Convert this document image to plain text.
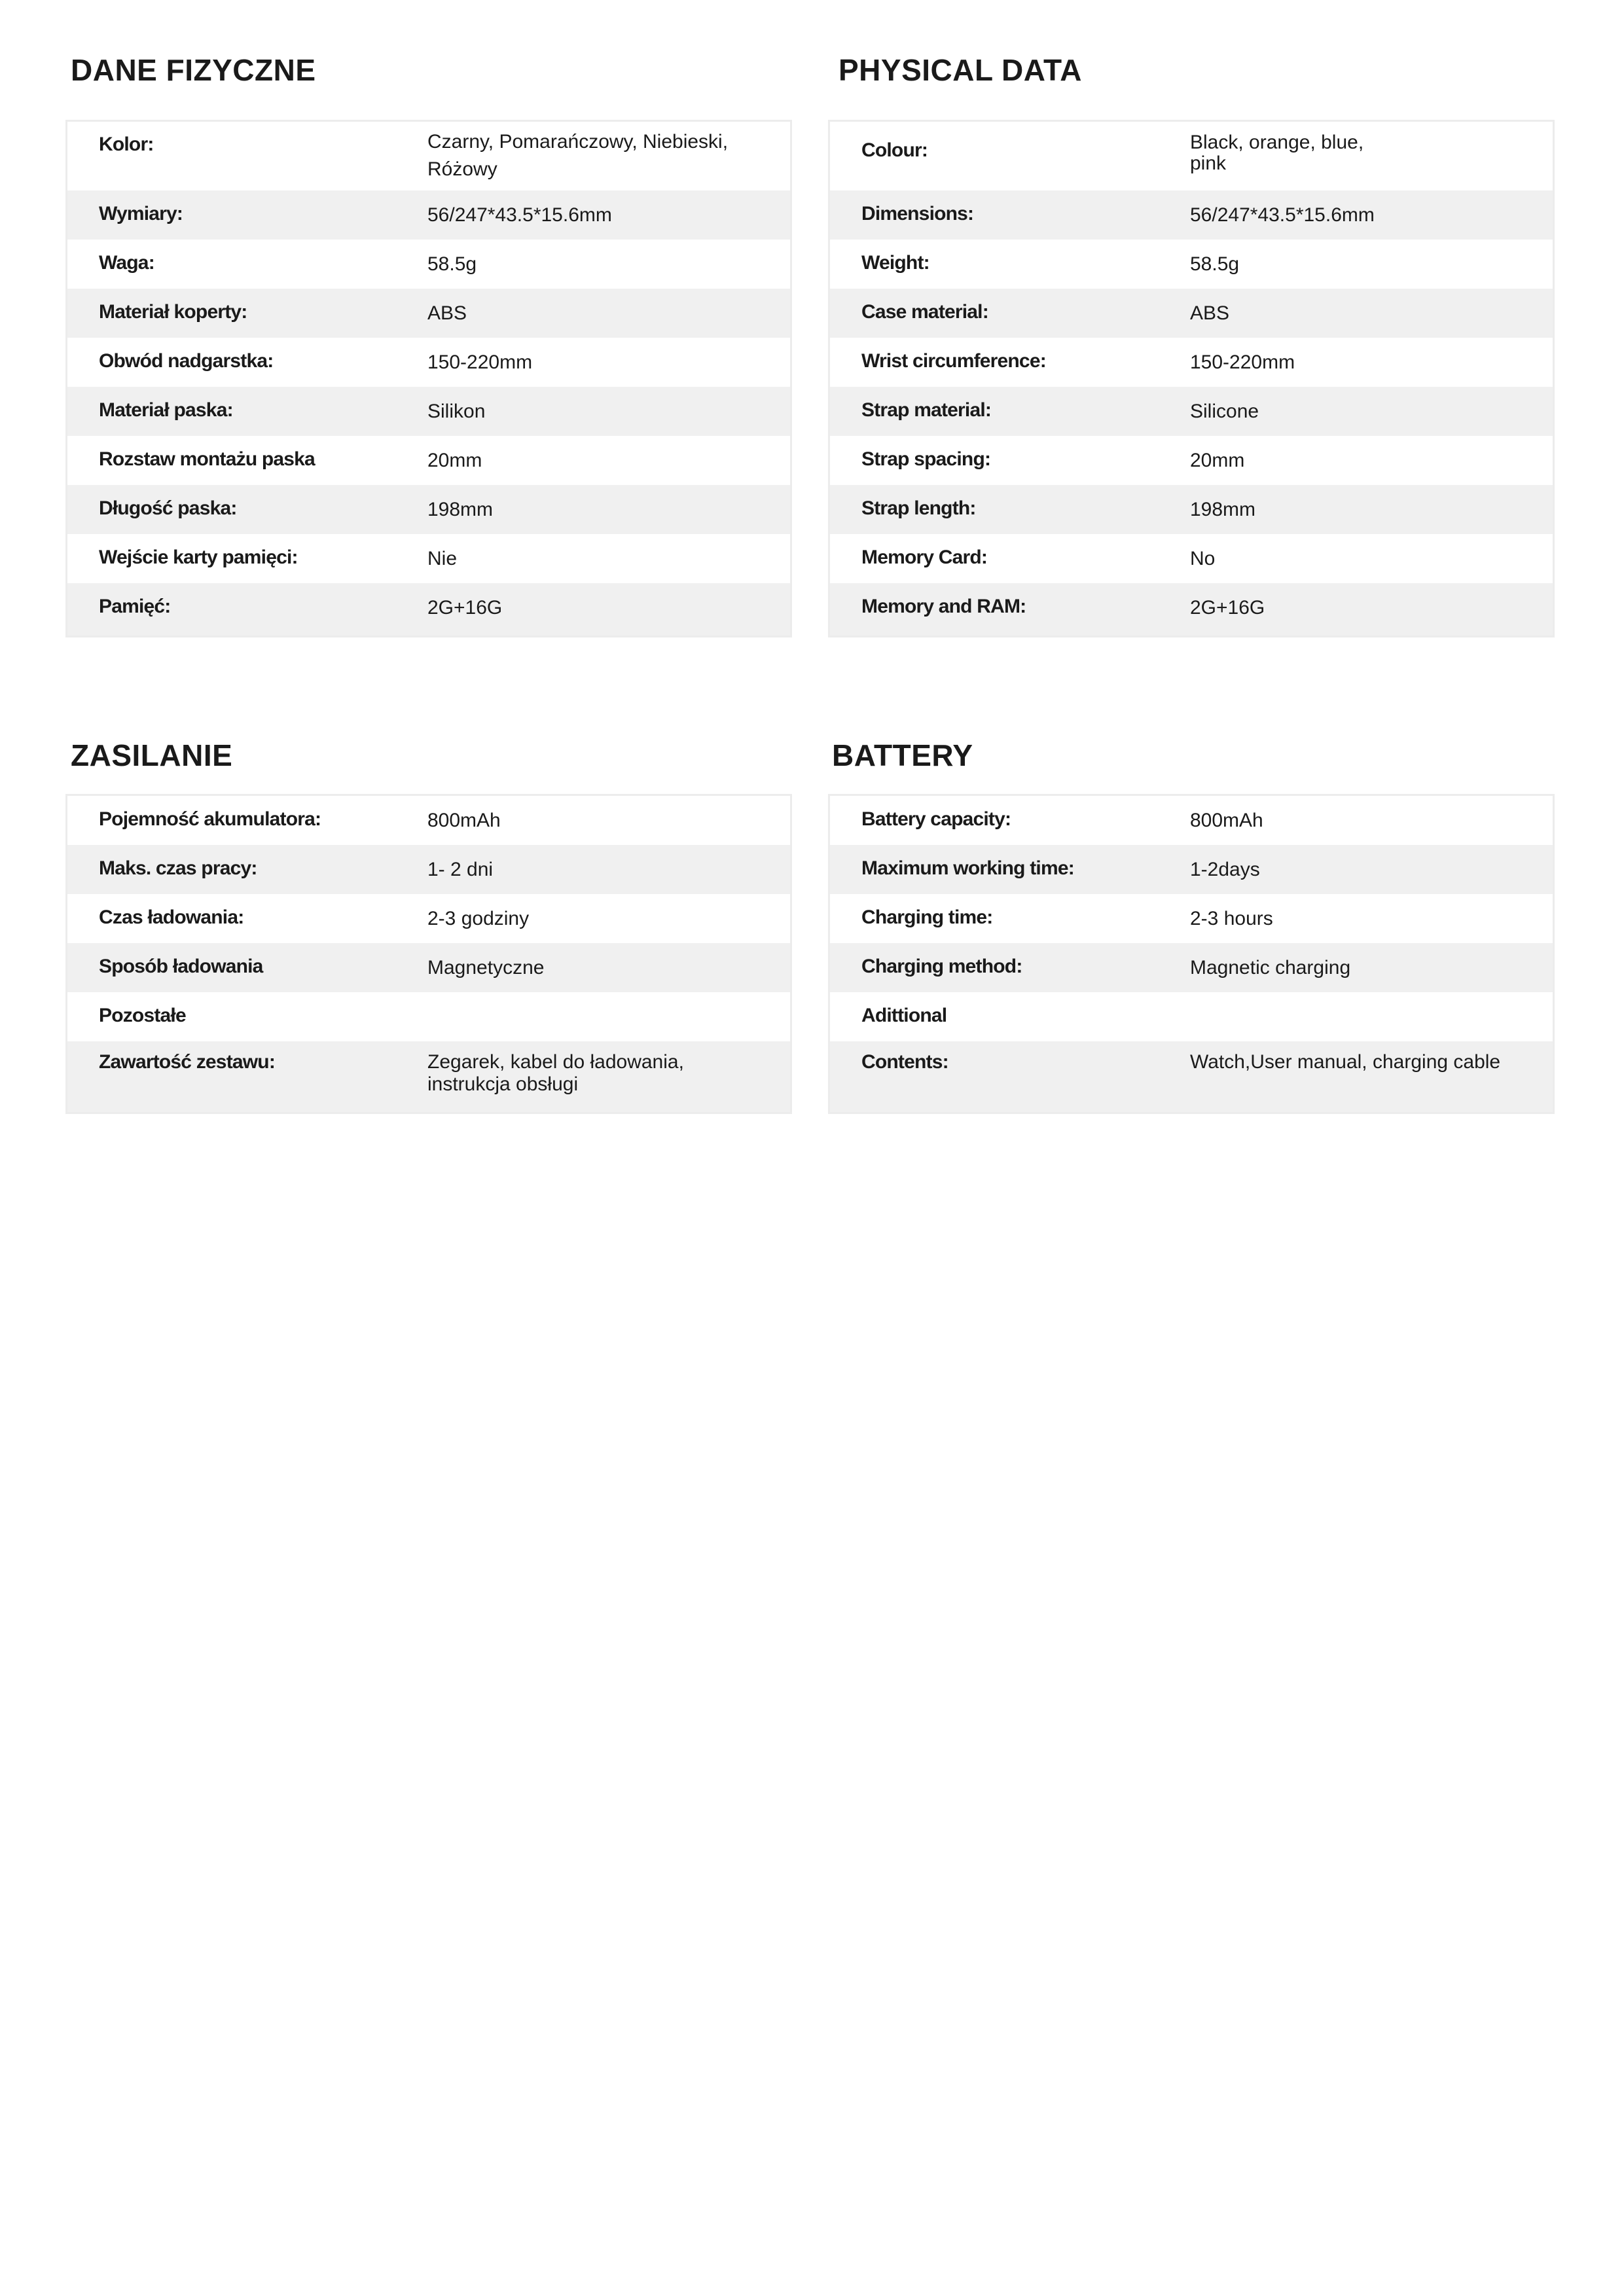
DANE FIZYCZNE
Kolor:	Czarny, Pomarańczowy, Niebieski, Różowy
Wymiary:	56/247*43.5*15.6mm
Waga:	58.5g
Materiał koperty:	ABS
Obwód nadgarstka:	150-220mm
Materiał paska:	Silikon
Rozstaw montażu paska	20mm
Długość paska:	198mm
Wejście karty pamięci:	Nie
Pamięć:	2G+16G
PHYSICAL DATA
Colour:	Black, orange, blue, pink
Dimensions:	56/247*43.5*15.6mm
Weight:	58.5g
Case material:	ABS
Wrist circumference:	150-220mm
Strap material:	Silicone
Strap spacing:	20mm
Strap length:	198mm
Memory Card:	No
Memory and RAM:	2G+16G
ZASILANIE
Pojemność akumulatora:	800mAh
Maks. czas pracy:	1- 2 dni
Czas ładowania:	2-3 godziny
Sposób ładowania	Magnetyczne
Pozostałe
Zawartość zestawu:	Zegarek, kabel do ładowania, instrukcja obsługi
BATTERY
Battery capacity:	800mAh
Maximum working time:	1-2days
Charging time:	2-3 hours
Charging method:	Magnetic charging
Adittional
Contents:	Watch,User manual, charging cable
